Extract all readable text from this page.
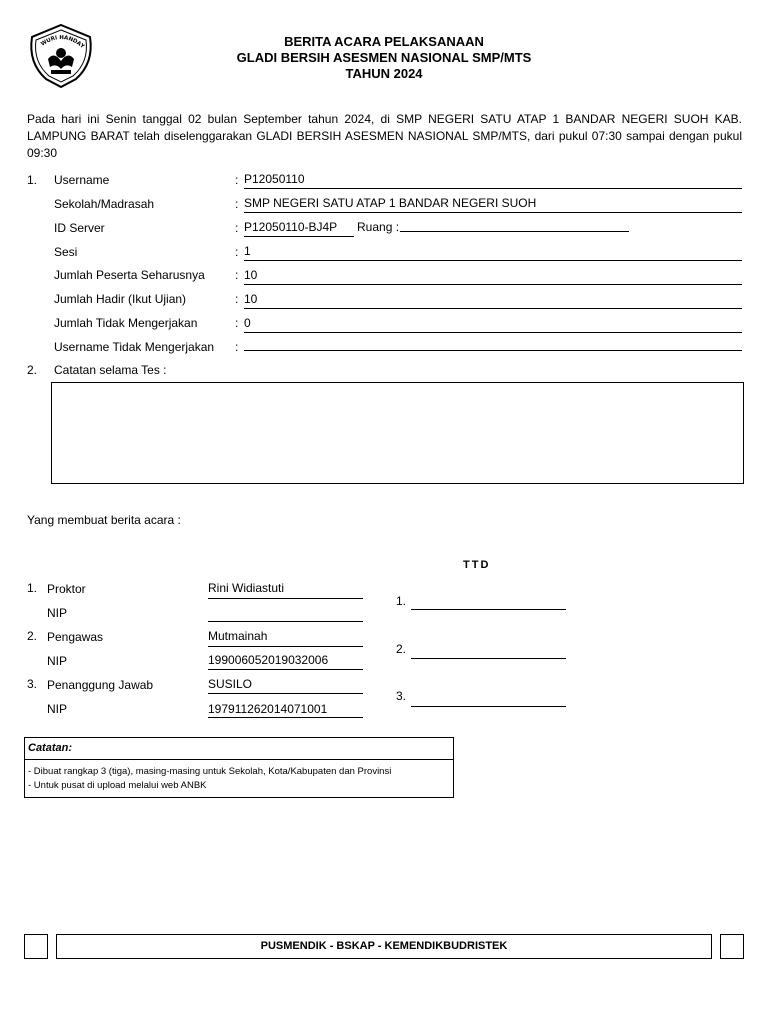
WURI HANDAY	BERITA ACARA PELAKSANAAN
GLADI BERSIH ASESMEN NASIONAL SMP/MTS
TAHUN 2024
Pada hari ini Senin tanggal 02 bulan September tahun 2024, di SMP NEGERI SATU ATAP 1 BANDAR NEGERI SUOH KAB. LAMPUNG BARAT telah diselenggarakan GLADI BERSIH ASESMEN NASIONAL SMP/MTS, dari pukul 07:30 sampai dengan pukul 09:30
1. Username	: P12050110
Sekolah/Madrasah	: SMP NEGERI SATU ATAP 1 BANDAR NEGERI SUOH
ID Server	: P12050110-BJ4P Ruang :
Sesi	: 1
Jumlah Peserta Seharusnya	: 10
Jumlah Hadir (Ikut Ujian)	: 10
Jumlah Tidak Mengerjakan	: 0
Username Tidak Mengerjakan :
2. Catatan selama Tes :
Yang membuat berita acara :
TTD
1. Proktor	Rini Widiastuti
NIP
1.
2. Pengawas	Mutmainah
NIP	199006052019032006
2.
3. Penanggung Jawab	SUSILO
NIP	197911262014071001
3.
Catatan:
- Dibuat rangkap 3 (tiga), masing-masing untuk Sekolah, Kota/Kabupaten dan Provinsi
- Untuk pusat di upload melalui web ANBK
PUSMENDIK - BSKAP - KEMENDIKBUDRISTEK
